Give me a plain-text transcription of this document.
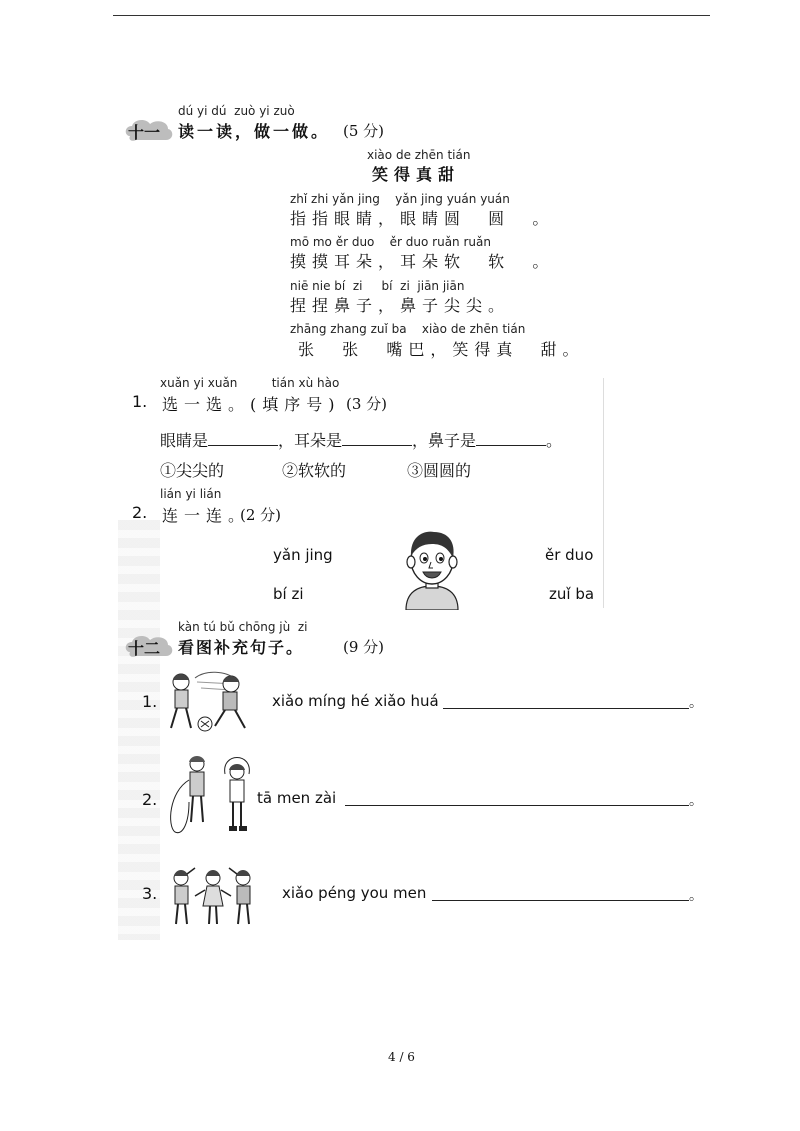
dú yi dú  zuò yi zuò
十一 读一读，做一做。 (5 分)
xiào de zhēn tián
笑得真甜
zhǐ zhi yǎn jing    yǎn jing yuán yuán
指指眼睛，眼睛圆  圆  。
mō mo ěr duo    ěr duo ruǎn ruǎn
摸摸耳朵，耳朵软  软  。
niē nie bí  zi     bí  zi  jiān jiān
捏捏鼻子，鼻子尖尖。
zhāng zhang zuǐ ba    xiào de zhēn tián
张  张  嘴巴，笑得真  甜。
xuǎn yi xuǎn         tián xù hào
1. 选一选。(填序号) (3 分)
眼睛是	，耳朵是	，鼻子是	。
①尖尖的	②软软的	③圆圆的
lián yi lián
2. 连一连。
(2 分)
yǎn jing	ěr duo
bí zi	zuǐ ba
kàn tú bǔ chōng jù  zi
十二 看图补充句子。	(9 分)
1.	xiǎo míng hé xiǎo huá	。
2.	tā men zài	。
3.	xiǎo péng you men	。
4 / 6
